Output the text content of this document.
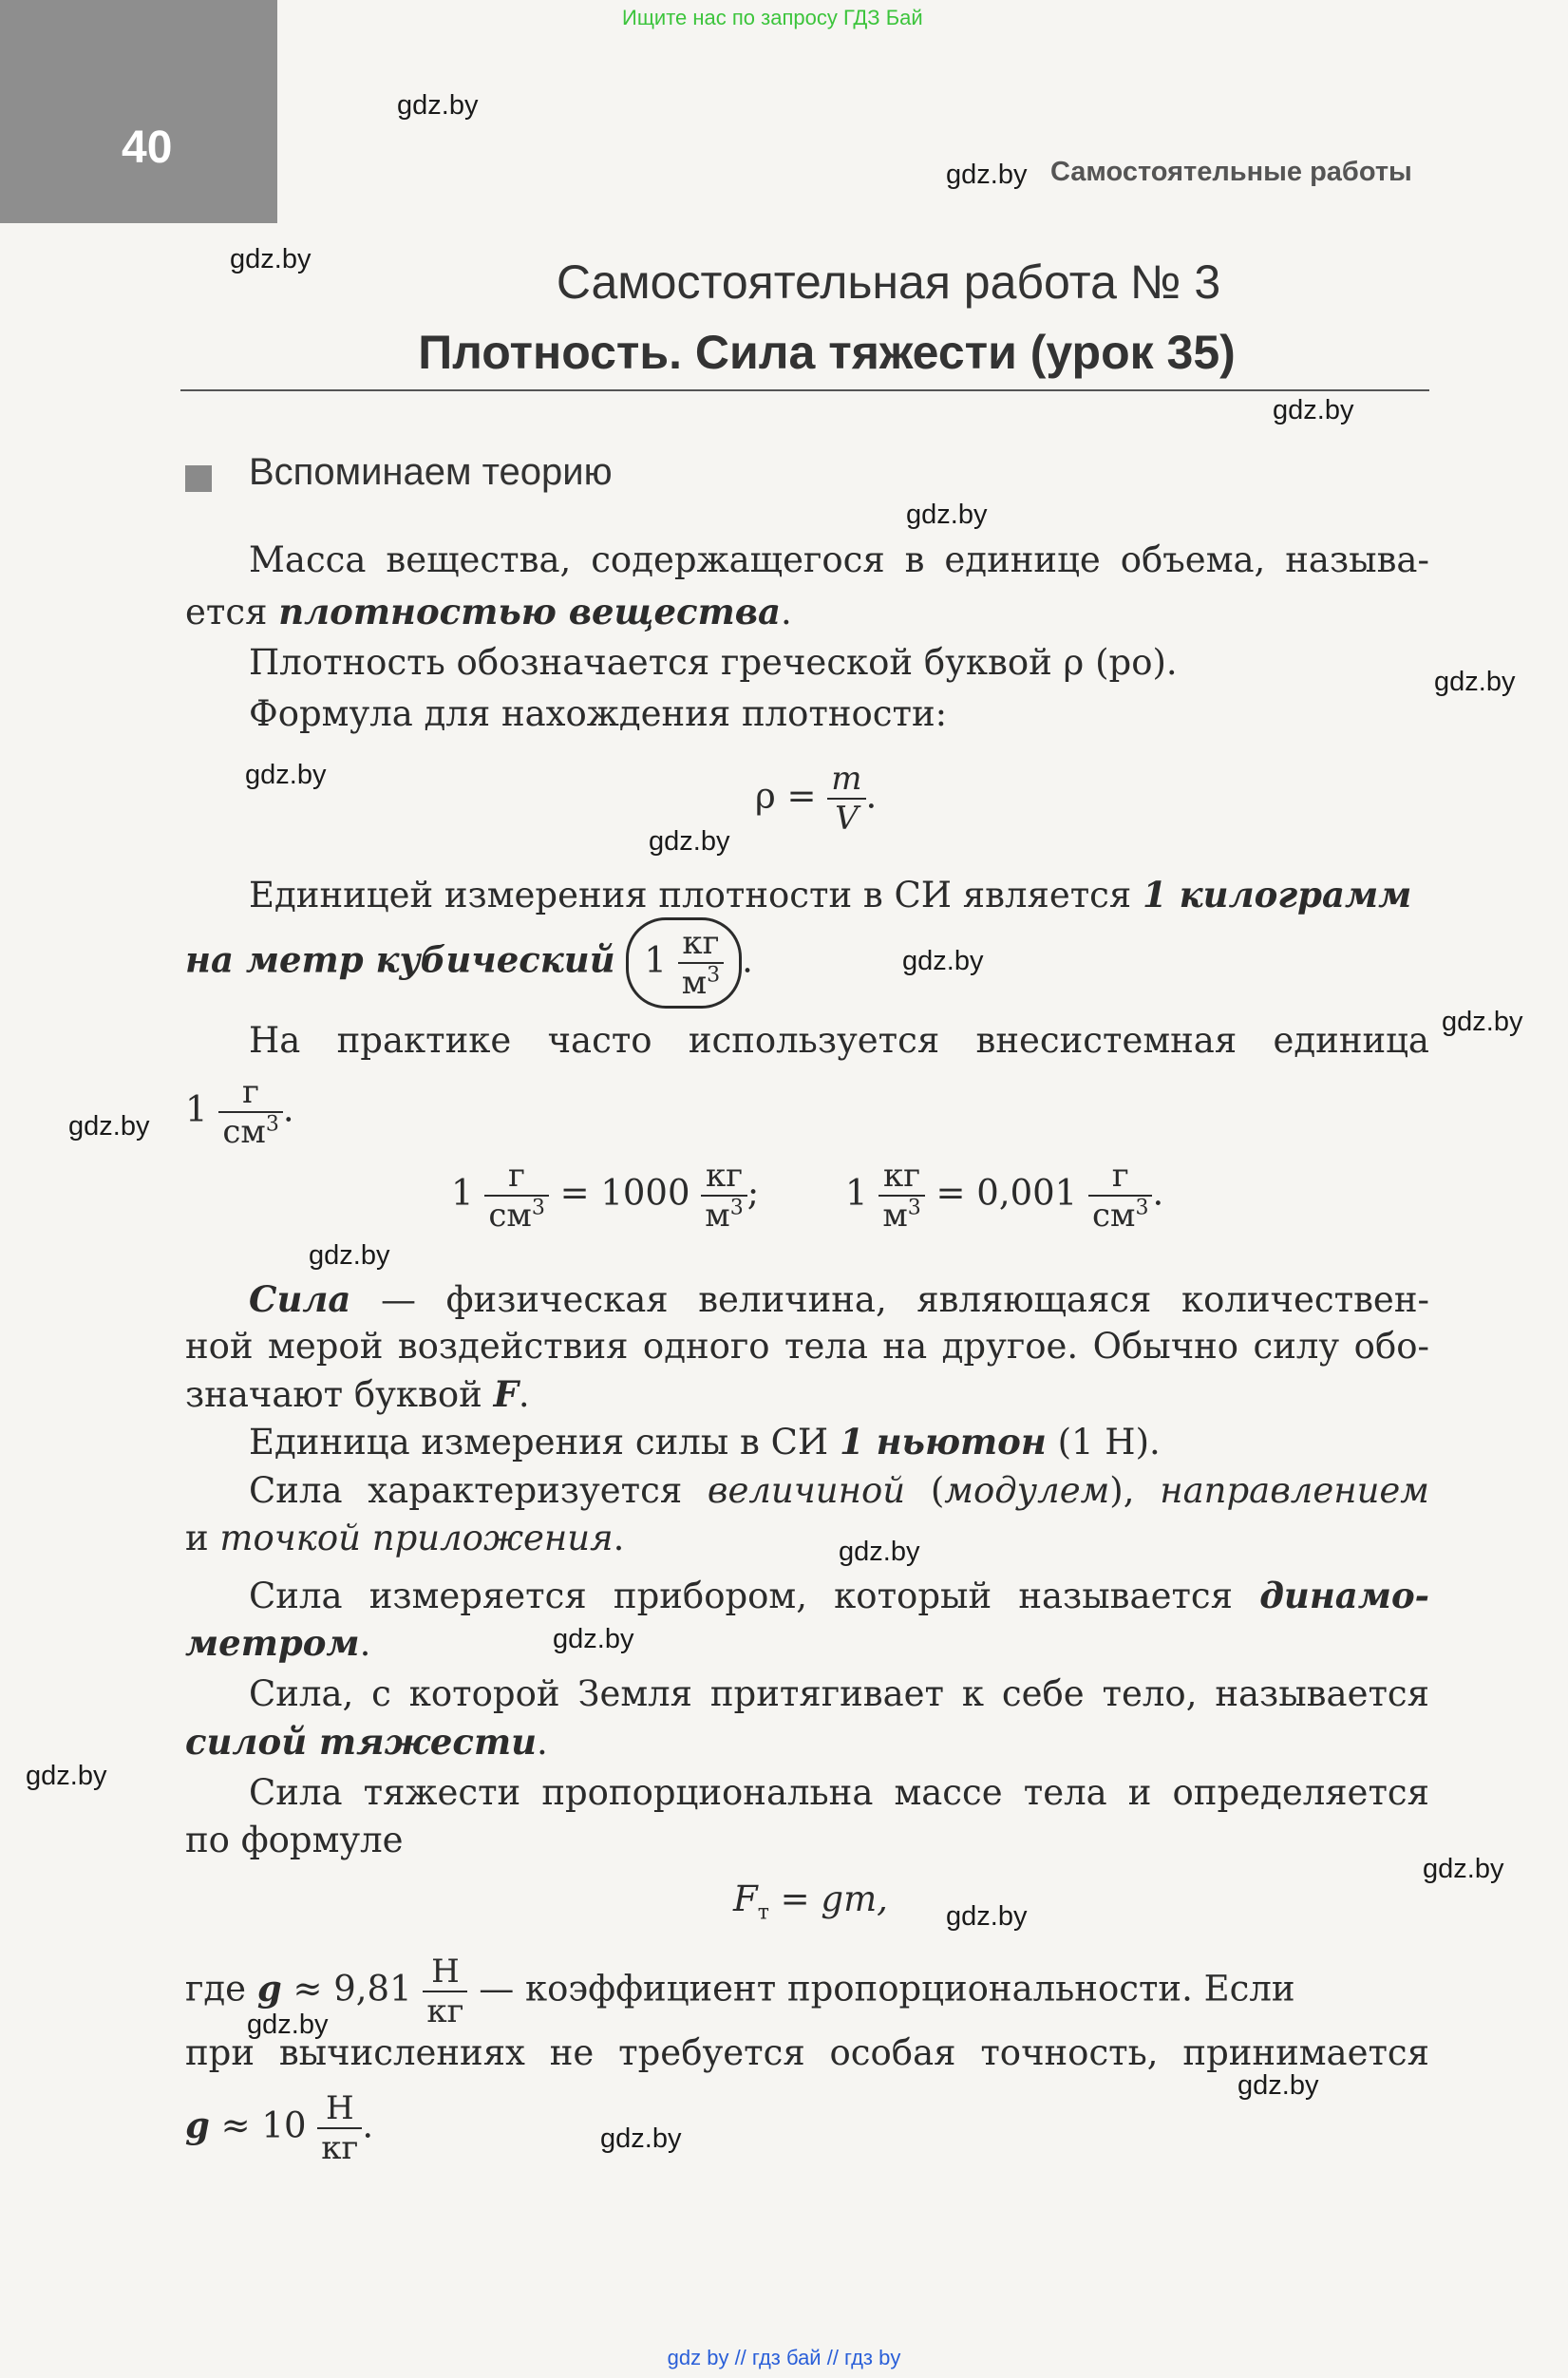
Ищите нас по запросу ГДЗ Бай
40	Самостоятельные работы
Самостоятельная работа № 3
Плотность. Сила тяжести (урок 35)
Вспоминаем теорию
Масса вещества, содержащегося в единице объема, называ-
ется плотностью вещества.
Плотность обозначается греческой буквой ρ (ро).
Формула для нахождения плотности:
$\rho = \frac{m}{V}$ .
Единицей измерения плотности в СИ является 1 килограмм
на метр кубический $1 \frac{кг}{м^3}$ .
На практике часто используется внесистемная единица
$1 \frac{г}{см^3}$ .
$1 \frac{г}{см^3} = 1000 \frac{кг}{м^3}$ ; $1 \frac{кг}{м^3} = 0,001 \frac{г}{см^3}$ .
Сила — физическая величина, являющаяся количествен-
ной мерой воздействия одного тела на другое. Обычно силу обо-
значают буквой F.
Единица измерения силы в СИ 1 ньютон (1 Н).
Сила характеризуется величиной (модулем), направлением
и точкой приложения.
Сила измеряется прибором, который называется динамо-
метром.
Сила, с которой Земля притягивает к себе тело, называется
силой тяжести.
Сила тяжести пропорциональна массе тела и определяется
по формуле
$F_т$ = gm,
где $g \approx 9,81 \frac{Н}{кг}$ — коэффициент пропорциональности. Если
при вычислениях не требуется особая точность, принимается
$g \approx 10 \frac{Н}{кг}$ .
gdz.by
gdz.by
gdz.by
gdz.by
gdz.by
gdz.by
gdz.by
gdz.by
gdz.by
gdz.by
gdz.by
gdz.by
gdz.by
gdz.by
gdz.by
gdz.by
gdz.by
gdz.by
gdz.by
gdz.by
gdz by // гдз бай // гдз by
